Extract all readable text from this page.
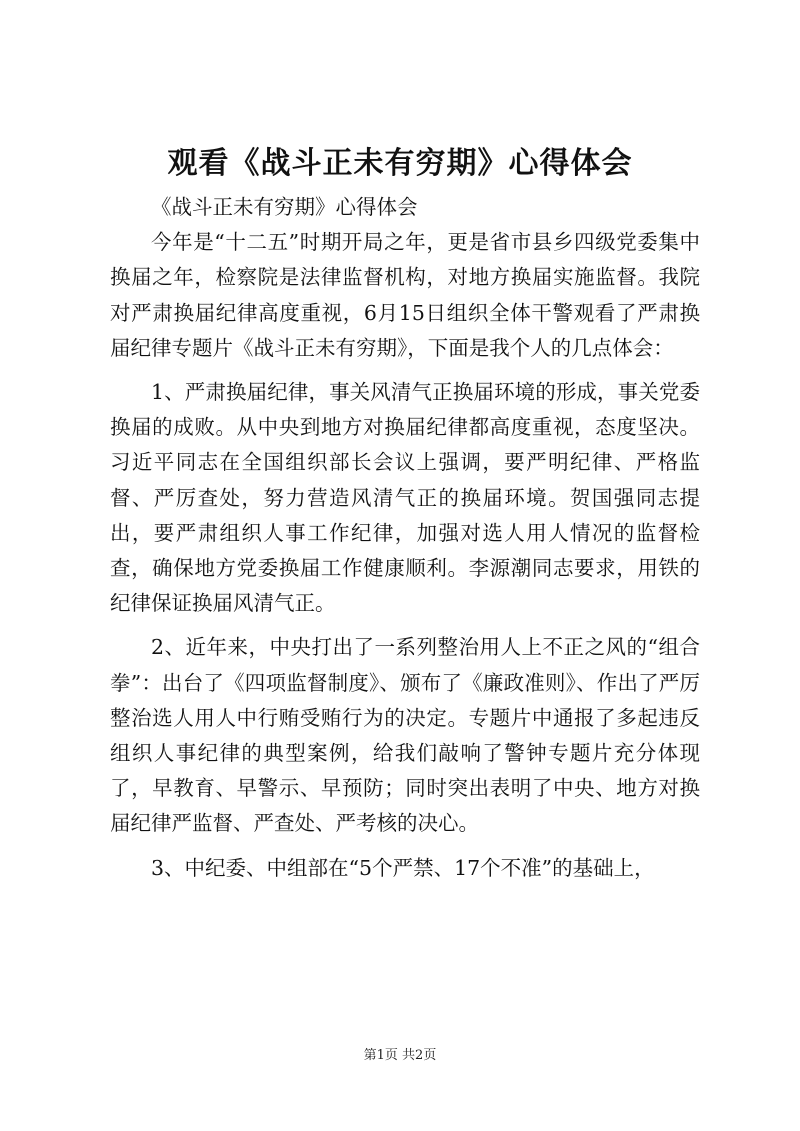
观看《战斗正未有穷期》心得体会

《战斗正未有穷期》心得体会

今年是“十二五”时期开局之年，更是省市县乡四级党委集中换届之年，检察院是法律监督机构，对地方换届实施监督。我院对严肃换届纪律高度重视，6月15日组织全体干警观看了严肃换届纪律专题片《战斗正未有穷期》，下面是我个人的几点体会：

1、严肃换届纪律，事关风清气正换届环境的形成，事关党委换届的成败。从中央到地方对换届纪律都高度重视，态度坚决。习近平同志在全国组织部长会议上强调，要严明纪律、严格监督、严厉查处，努力营造风清气正的换届环境。贺国强同志提出，要严肃组织人事工作纪律，加强对选人用人情况的监督检查，确保地方党委换届工作健康顺利。李源潮同志要求，用铁的纪律保证换届风清气正。

2、近年来，中央打出了一系列整治用人上不正之风的“组合拳”：出台了《四项监督制度》、颁布了《廉政准则》、作出了严厉整治选人用人中行贿受贿行为的决定。专题片中通报了多起违反组织人事纪律的典型案例，给我们敲响了警钟专题片充分体现了，早教育、早警示、早预防；同时突出表明了中央、地方对换届纪律严监督、严查处、严考核的决心。

3、中纪委、中组部在“5个严禁、17个不准”的基础上，

第1页 共2页
